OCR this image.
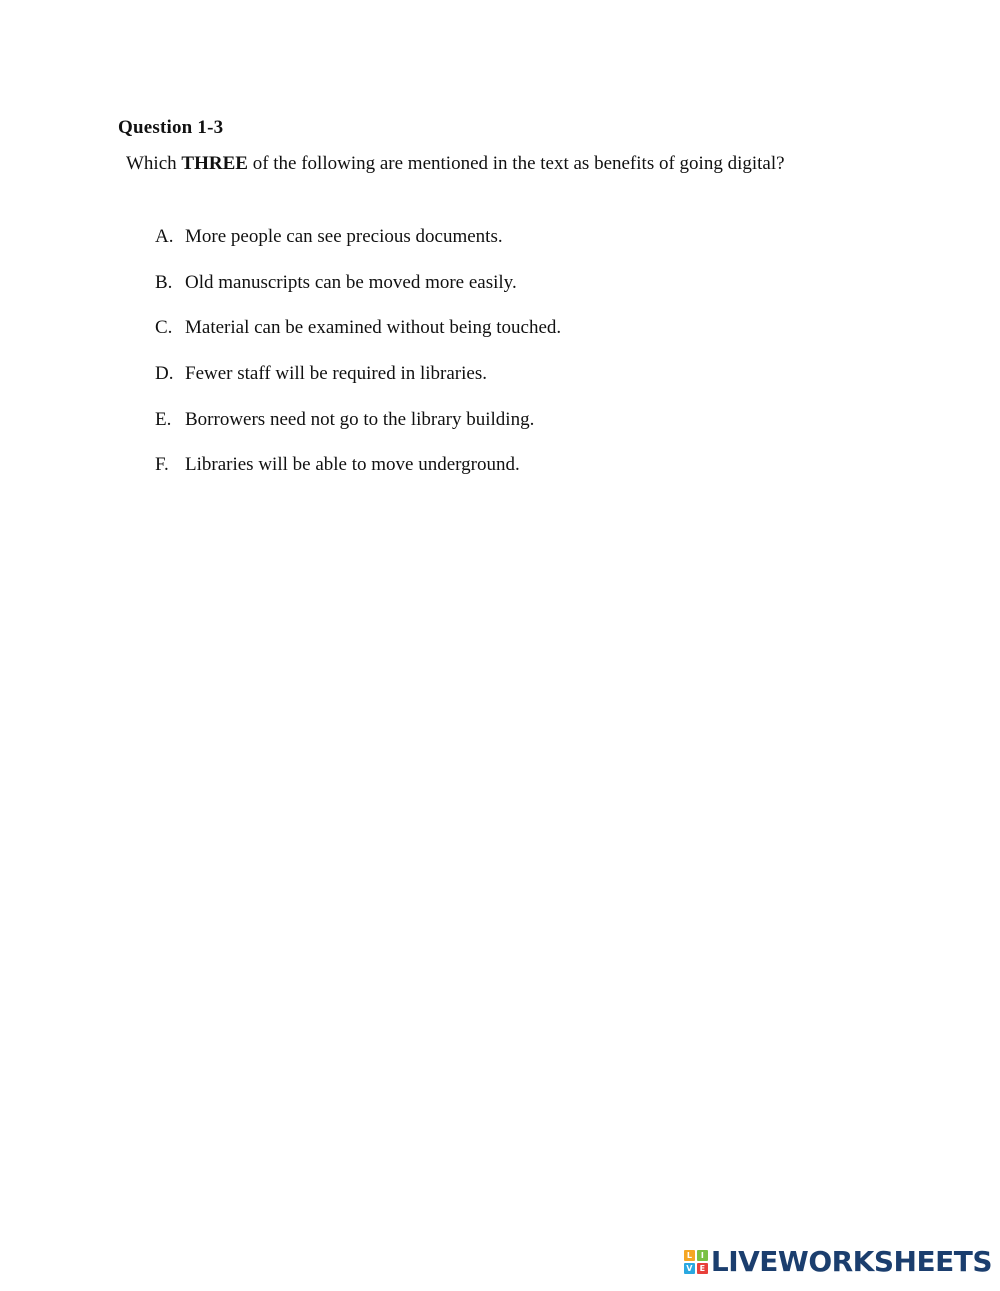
Question 1-3
Which THREE of the following are mentioned in the text as benefits of going digital?
A. More people can see precious documents.
B. Old manuscripts can be moved more easily.
C. Material can be examined without being touched.
D. Fewer staff will be required in libraries.
E. Borrowers need not go to the library building.
F. Libraries will be able to move underground.
L	I
V E LIVEWORKSHEETS
